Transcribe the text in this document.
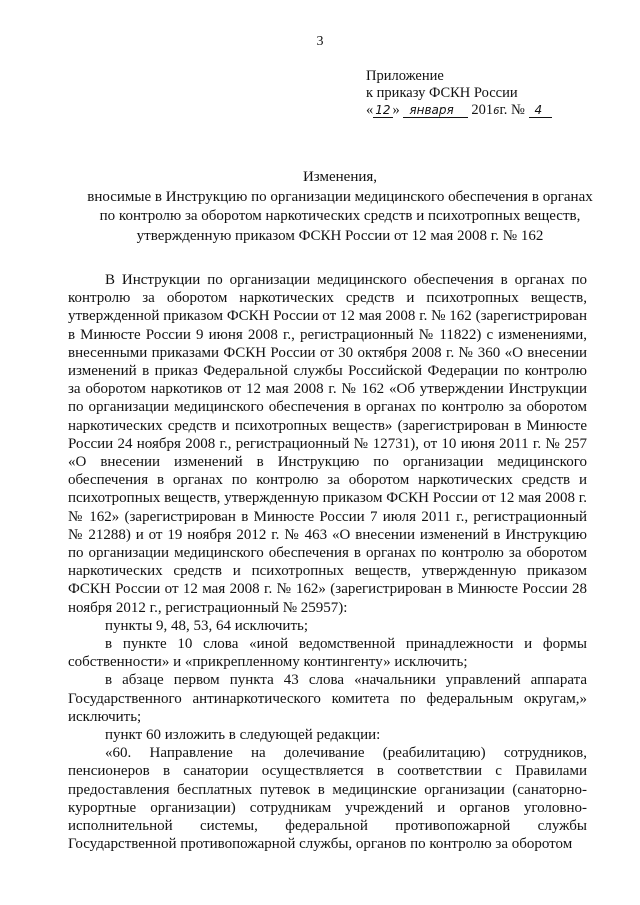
3
Приложение
к приказу ФСКН России
« 12 » января 2016г. № 4
Изменения,
вносимые в Инструкцию по организации медицинского обеспечения в органах
по контролю за оборотом наркотических средств и психотропных веществ,
утвержденную приказом ФСКН России от 12 мая 2008 г. № 162

В Инструкции по организации медицинского обеспечения в органах по контролю за оборотом наркотических средств и психотропных веществ, утвержденной приказом ФСКН России от 12 мая 2008 г. № 162 (зарегистрирован в Минюсте России 9 июня 2008 г., регистрационный № 11822) с изменениями, внесенными приказами ФСКН России от 30 октября 2008 г. № 360 «О внесении изменений в приказ Федеральной службы Российской Федерации по контролю за оборотом наркотиков от 12 мая 2008 г. № 162 «Об утверждении Инструкции по организации медицинского обеспечения в органах по контролю за оборотом наркотических средств и психотропных веществ» (зарегистрирован в Минюсте России 24 ноября 2008 г., регистрационный № 12731), от 10 июня 2011 г. № 257 «О внесении изменений в Инструкцию по организации медицинского обеспечения в органах по контролю за оборотом наркотических средств и психотропных веществ, утвержденную приказом ФСКН России от 12 мая 2008 г. № 162» (зарегистрирован в Минюсте России 7 июля 2011 г., регистрационный № 21288) и от 19 ноября 2012 г. № 463 «О внесении изменений в Инструкцию по организации медицинского обеспечения в органах по контролю за оборотом наркотических средств и психотропных веществ, утвержденную приказом ФСКН России от 12 мая 2008 г. № 162» (зарегистрирован в Минюсте России 28 ноября 2012 г., регистрационный № 25957):

пункты 9, 48, 53, 64 исключить;

в пункте 10 слова «иной ведомственной принадлежности и формы собственности» и «прикрепленному контингенту» исключить;

в абзаце первом пункта 43 слова «начальники управлений аппарата Государственного антинаркотического комитета по федеральным округам,» исключить;

пункт 60 изложить в следующей редакции:

«60. Направление на долечивание (реабилитацию) сотрудников, пенсионеров в санатории осуществляется в соответствии с Правилами предоставления бесплатных путевок в медицинские организации (санаторно-курортные организации) сотрудникам учреждений и органов уголовно-исполнительной системы, федеральной противопожарной службы Государственной противопожарной службы, органов по контролю за оборотом
